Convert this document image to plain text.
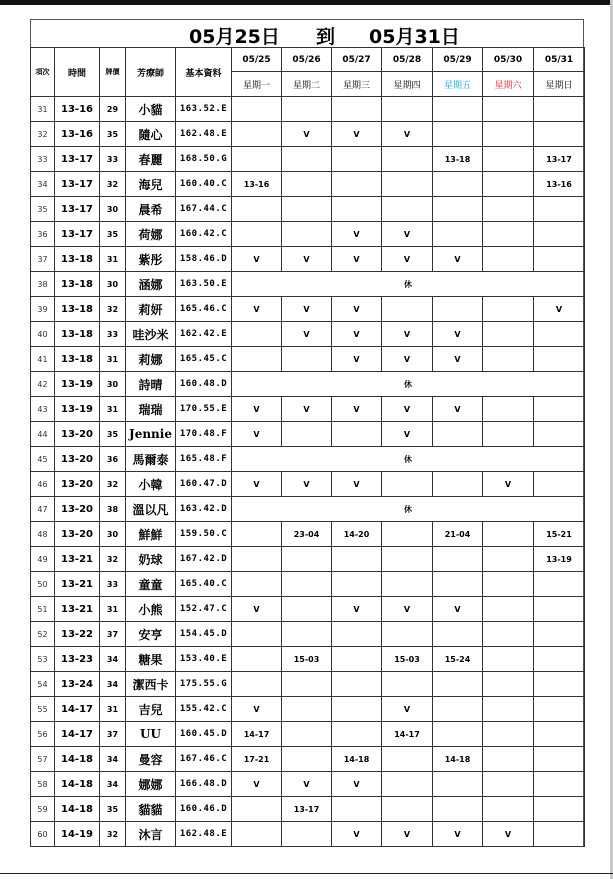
05月25日 到 05月31日
項次	時間	牌價	芳療師	基本資料	05/25	05/26	05/27	05/28	05/29	05/30	05/31
					星期一	星期二	星期三	星期四	星期五	星期六	星期日
31	13-16	29	小貓	163.52.E							
32	13-16	35	隨心	162.48.E		V	V	V			
33	13-17	33	春麗	168.50.G					13-18		13-17
34	13-17	32	海兒	160.40.C	13-16						13-16
35	13-17	30	晨希	167.44.C							
36	13-17	35	荷娜	160.42.C			V	V			
37	13-18	31	紫彤	158.46.D	V	V	V	V	V		
38	13-18	30	涵娜	163.50.E	休						
39	13-18	32	莉妍	165.46.C	V	V	V				V
40	13-18	33	哇沙米	162.42.E		V	V	V	V		
41	13-18	31	莉娜	165.45.C			V	V	V		
42	13-19	30	詩晴	160.48.D	休						
43	13-19	31	瑞瑞	170.55.E	V	V	V	V	V		
44	13-20	35	Jennie	170.48.F	V			V			
45	13-20	36	馬爾泰	165.48.F	休						
46	13-20	32	小韓	160.47.D	V	V	V			V	
47	13-20	38	溫以凡	163.42.D	休						
48	13-20	30	鮮鮮	159.50.C		23-04	14-20		21-04		15-21
49	13-21	32	奶球	167.42.D							13-19
50	13-21	33	童童	165.40.C							
51	13-21	31	小熊	152.47.C	V		V	V	V		
52	13-22	37	安亨	154.45.D							
53	13-23	34	糖果	153.40.E		15-03		15-03	15-24		
54	13-24	34	潔西卡	175.55.G							
55	14-17	31	吉兒	155.42.C	V			V			
56	14-17	37	UU	160.45.D	14-17			14-17			
57	14-18	34	曼容	167.46.C	17-21		14-18		14-18		
58	14-18	34	娜娜	166.48.D	V	V	V				
59	14-18	35	貓貓	160.46.D		13-17					
60	14-19	32	沐言	162.48.E			V	V	V	V	
